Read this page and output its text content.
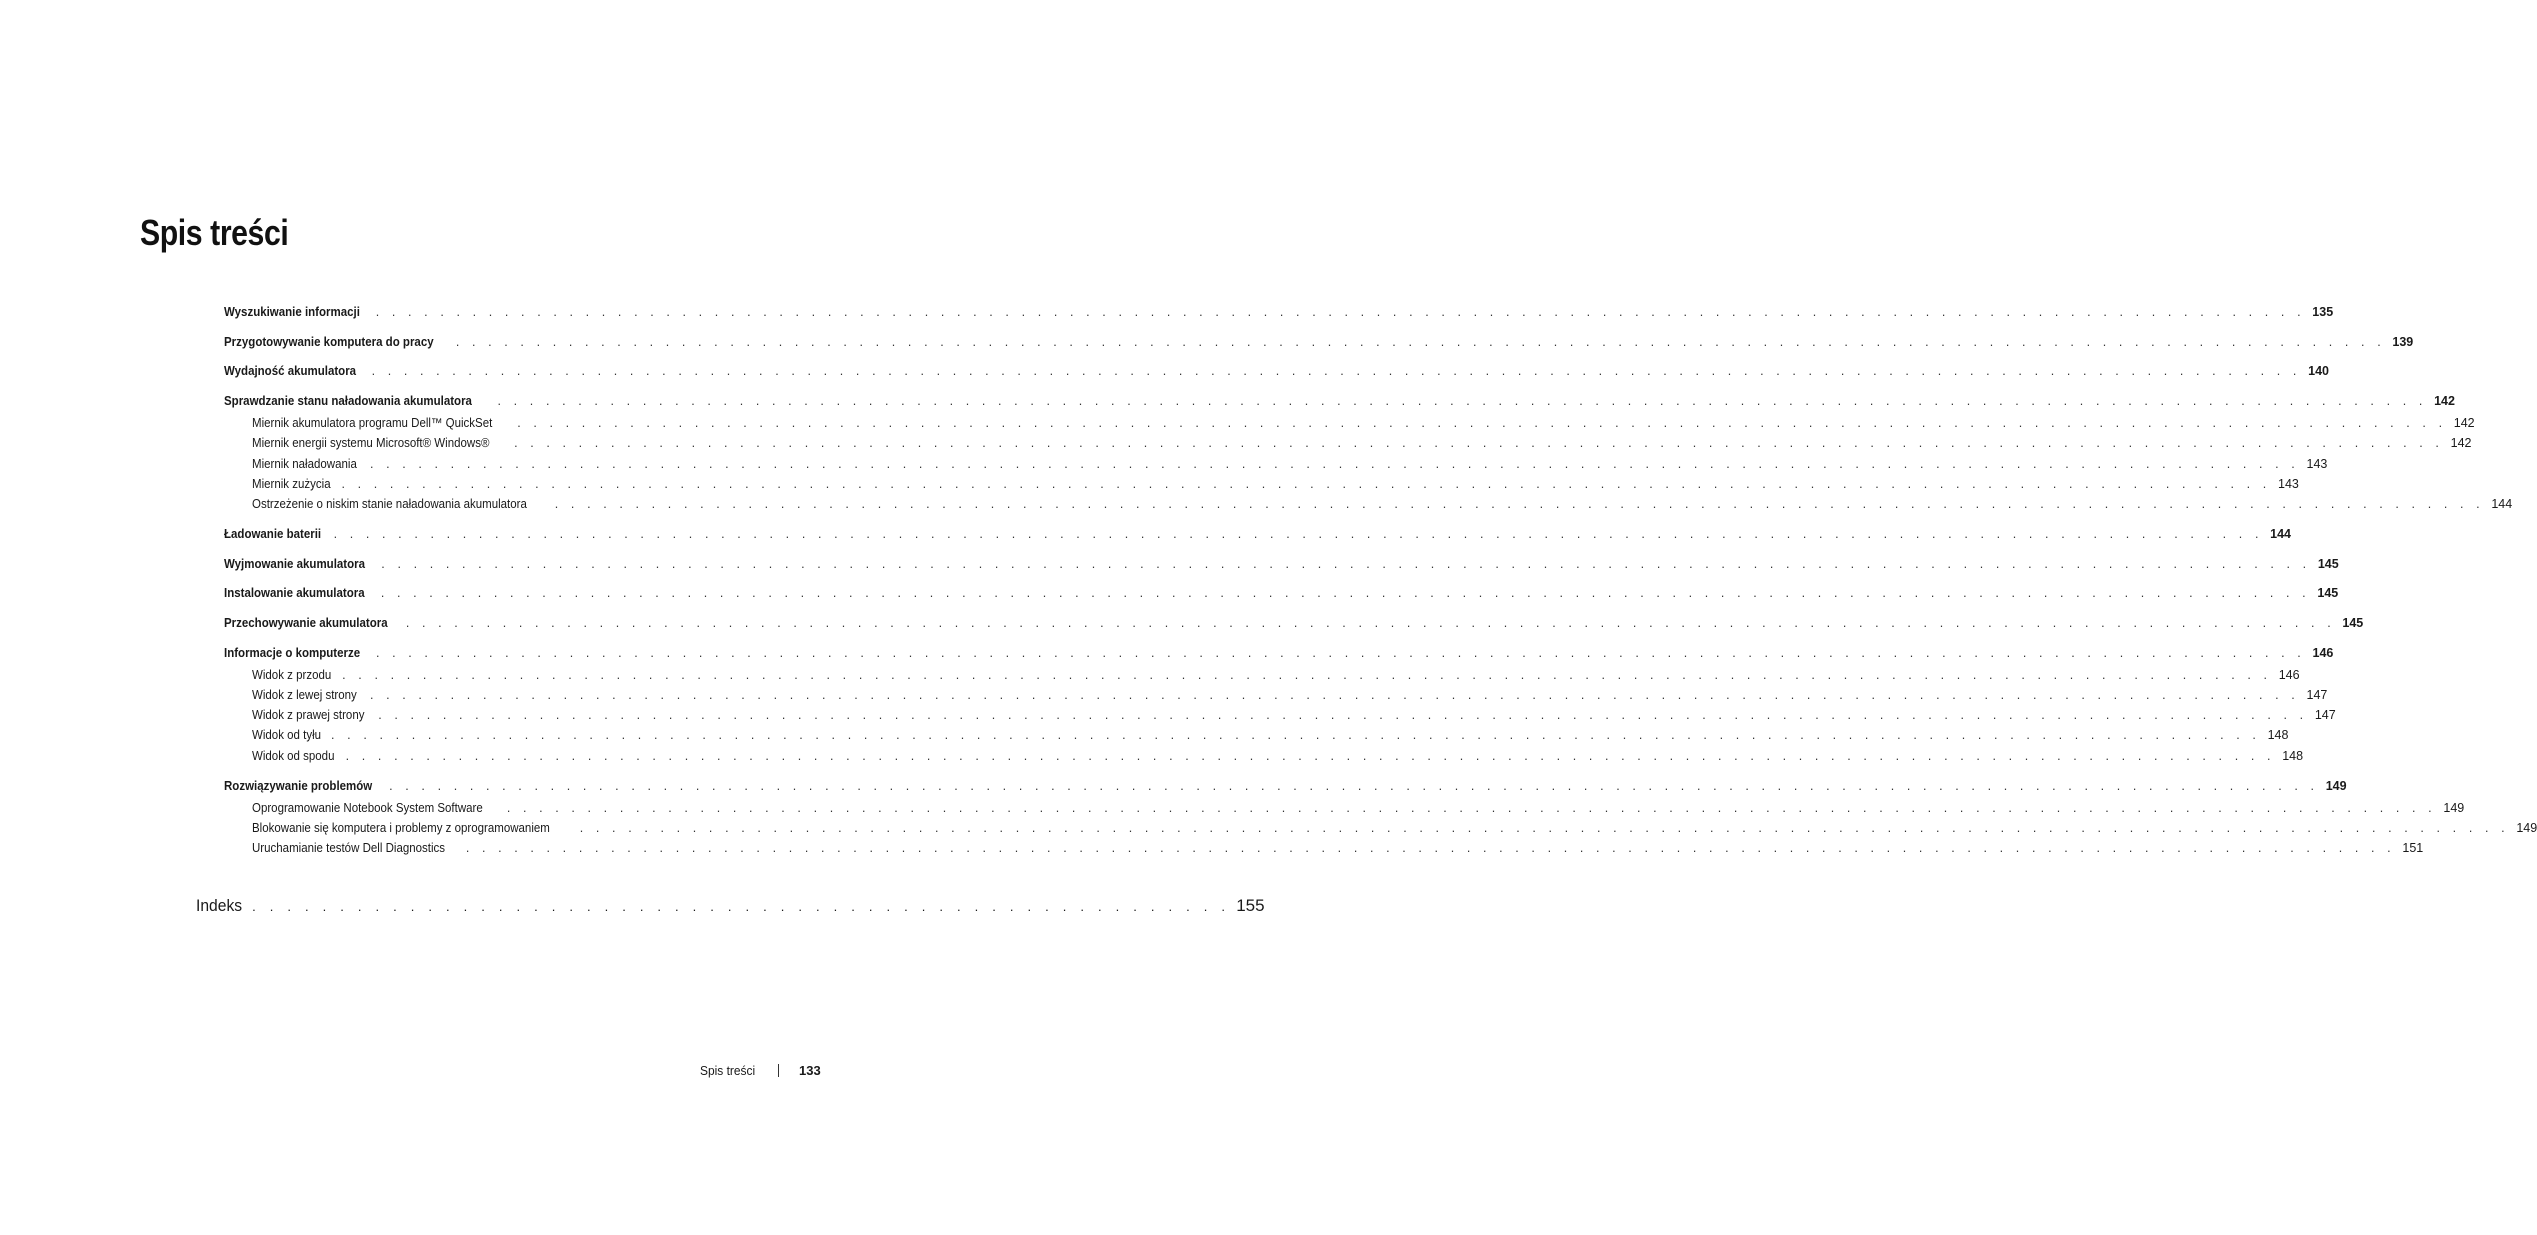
Spis treści
Wyszukiwanie informacji . . . . . . . . . . . . . . . . . . . . . . . . . . . . . . . . . . . . . . . . . . . . . . . . . . . . . . . . . . . . . . . . . . . . . . . . . . . . . . . . . . . . . . . . . . . . . . . . . . . . . . . . . . . . . . . . . . . . . . . . 135
Przygotowywanie komputera do pracy . . . . . . . . . . . . . . . . . . . . . . . . . . . . . . . . . . . . . . . . . . . . . . . . . . . . . . . . . . . . . . . . . . . . . . . . . . . . . . . . . . . . . . . . . . . . . . . . . . . . . . . . . . . . . . . . . . . . . . . . 139
Wydajność akumulatora . . . . . . . . . . . . . . . . . . . . . . . . . . . . . . . . . . . . . . . . . . . . . . . . . . . . . . . . . . . . . . . . . . . . . . . . . . . . . . . . . . . . . . . . . . . . . . . . . . . . . . . . . . . . . . . . . . . . . . . . 140
Sprawdzanie stanu naładowania akumulatora . . . . . . . . . . . . . . . . . . . . . . . . . . . . . . . . . . . . . . . . . . . . . . . . . . . . . . . . . . . . . . . . . . . . . . . . . . . . . . . . . . . . . . . . . . . . . . . . . . . . . . . . . . . . . . . . . . . . . . . . 142
Miernik akumulatora programu Dell™ QuickSet . . . . . . . . . . . . . . . . . . . . . . . . . . . . . . . . . . . . . . . . . . . . . . . . . . . . . . . . . . . . . . . . . . . . . . . . . . . . . . . . . . . . . . . . . . . . . . . . . . . . . . . . . . . . . . . . . . . . . . . . 142
Miernik energii systemu Microsoft® Windows® . . . . . . . . . . . . . . . . . . . . . . . . . . . . . . . . . . . . . . . . . . . . . . . . . . . . . . . . . . . . . . . . . . . . . . . . . . . . . . . . . . . . . . . . . . . . . . . . . . . . . . . . . . . . . . . . . . . . . . . . 142
Miernik naładowania . . . . . . . . . . . . . . . . . . . . . . . . . . . . . . . . . . . . . . . . . . . . . . . . . . . . . . . . . . . . . . . . . . . . . . . . . . . . . . . . . . . . . . . . . . . . . . . . . . . . . . . . . . . . . . . . . . . . . . . . 143
Miernik zużycia . . . . . . . . . . . . . . . . . . . . . . . . . . . . . . . . . . . . . . . . . . . . . . . . . . . . . . . . . . . . . . . . . . . . . . . . . . . . . . . . . . . . . . . . . . . . . . . . . . . . . . . . . . . . . . . . . . . . . . . . 143
Ostrzeżenie o niskim stanie naładowania akumulatora . . . . . . . . . . . . . . . . . . . . . . . . . . . . . . . . . . . . . . . . . . . . . . . . . . . . . . . . . . . . . . . . . . . . . . . . . . . . . . . . . . . . . . . . . . . . . . . . . . . . . . . . . . . . . . . . . . . . . . . . 144
Ładowanie baterii . . . . . . . . . . . . . . . . . . . . . . . . . . . . . . . . . . . . . . . . . . . . . . . . . . . . . . . . . . . . . . . . . . . . . . . . . . . . . . . . . . . . . . . . . . . . . . . . . . . . . . . . . . . . . . . . . . . . . . . . 144
Wyjmowanie akumulatora . . . . . . . . . . . . . . . . . . . . . . . . . . . . . . . . . . . . . . . . . . . . . . . . . . . . . . . . . . . . . . . . . . . . . . . . . . . . . . . . . . . . . . . . . . . . . . . . . . . . . . . . . . . . . . . . . . . . . . . . 145
Instalowanie akumulatora . . . . . . . . . . . . . . . . . . . . . . . . . . . . . . . . . . . . . . . . . . . . . . . . . . . . . . . . . . . . . . . . . . . . . . . . . . . . . . . . . . . . . . . . . . . . . . . . . . . . . . . . . . . . . . . . . . . . . . . . 145
Przechowywanie akumulatora . . . . . . . . . . . . . . . . . . . . . . . . . . . . . . . . . . . . . . . . . . . . . . . . . . . . . . . . . . . . . . . . . . . . . . . . . . . . . . . . . . . . . . . . . . . . . . . . . . . . . . . . . . . . . . . . . . . . . . . . 145
Informacje o komputerze . . . . . . . . . . . . . . . . . . . . . . . . . . . . . . . . . . . . . . . . . . . . . . . . . . . . . . . . . . . . . . . . . . . . . . . . . . . . . . . . . . . . . . . . . . . . . . . . . . . . . . . . . . . . . . . . . . . . . . . . 146
Widok z przodu . . . . . . . . . . . . . . . . . . . . . . . . . . . . . . . . . . . . . . . . . . . . . . . . . . . . . . . . . . . . . . . . . . . . . . . . . . . . . . . . . . . . . . . . . . . . . . . . . . . . . . . . . . . . . . . . . . . . . . . . 146
Widok z lewej strony . . . . . . . . . . . . . . . . . . . . . . . . . . . . . . . . . . . . . . . . . . . . . . . . . . . . . . . . . . . . . . . . . . . . . . . . . . . . . . . . . . . . . . . . . . . . . . . . . . . . . . . . . . . . . . . . . . . . . . . . 147
Widok z prawej strony . . . . . . . . . . . . . . . . . . . . . . . . . . . . . . . . . . . . . . . . . . . . . . . . . . . . . . . . . . . . . . . . . . . . . . . . . . . . . . . . . . . . . . . . . . . . . . . . . . . . . . . . . . . . . . . . . . . . . . . . 147
Widok od tyłu . . . . . . . . . . . . . . . . . . . . . . . . . . . . . . . . . . . . . . . . . . . . . . . . . . . . . . . . . . . . . . . . . . . . . . . . . . . . . . . . . . . . . . . . . . . . . . . . . . . . . . . . . . . . . . . . . . . . . . . . 148
Widok od spodu . . . . . . . . . . . . . . . . . . . . . . . . . . . . . . . . . . . . . . . . . . . . . . . . . . . . . . . . . . . . . . . . . . . . . . . . . . . . . . . . . . . . . . . . . . . . . . . . . . . . . . . . . . . . . . . . . . . . . . . . 148
Rozwiązywanie problemów . . . . . . . . . . . . . . . . . . . . . . . . . . . . . . . . . . . . . . . . . . . . . . . . . . . . . . . . . . . . . . . . . . . . . . . . . . . . . . . . . . . . . . . . . . . . . . . . . . . . . . . . . . . . . . . . . . . . . . . . 149
Oprogramowanie Notebook System Software . . . . . . . . . . . . . . . . . . . . . . . . . . . . . . . . . . . . . . . . . . . . . . . . . . . . . . . . . . . . . . . . . . . . . . . . . . . . . . . . . . . . . . . . . . . . . . . . . . . . . . . . . . . . . . . . . . . . . . . . 149
Blokowanie się komputera i problemy z oprogramowaniem . . . . . . . . . . . . . . . . . . . . . . . . . . . . . . . . . . . . . . . . . . . . . . . . . . . . . . . . . . . . . . . . . . . . . . . . . . . . . . . . . . . . . . . . . . . . . . . . . . . . . . . . . . . . . . . . . . . . . . . . 149
Uruchamianie testów Dell Diagnostics . . . . . . . . . . . . . . . . . . . . . . . . . . . . . . . . . . . . . . . . . . . . . . . . . . . . . . . . . . . . . . . . . . . . . . . . . . . . . . . . . . . . . . . . . . . . . . . . . . . . . . . . . . . . . . . . . . . . . . . . 151
Indeks . . . . . . . . . . . . . . . . . . . . . . . . . . . . . . . . . . . . . . . . . . . . . . . . . . . . . . . . 155
Spis treści	133
